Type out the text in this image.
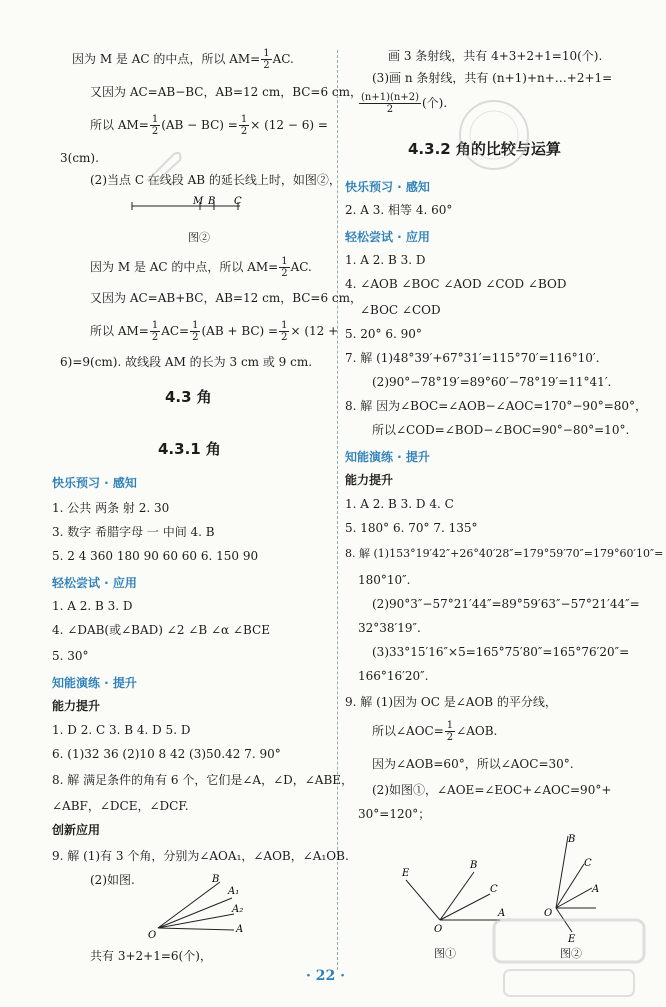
因为 M 是 AC 的中点，所以 $AM= \frac{1}{2}$ AC.
又因为 AC=AB−BC，AB=12 cm，BC=6 cm，
所以 $AM= \frac{1}{2} (AB - BC) = \frac{1}{2} \times (12 - 6)$ =
3(cm).
(2)当点 C 在线段 AB 的延长线上时，如图②，
M B C
图②
因为 M 是 AC 的中点，所以 $AM= \frac{1}{2}$ AC.
又因为 AC=AB+BC，AB=12 cm，BC=6 cm，
所以 $AM= \frac{1}{2} AC= \frac{1}{2} (AB + BC) = \frac{1}{2} \times (12$ +
6)=9(cm). 故线段 AM 的长为 3 cm 或 9 cm.
4.3 角
4.3.1 角
快乐预习 · 感知
1. 公共 两条 射 2. 30
3. 数字 希腊字母 一 中间 4. B
5. 2 4 360 180 90 60 60 6. 150 90
轻松尝试 · 应用
1. A 2. B 3. D
4. ∠DAB(或∠BAD) ∠2 ∠B ∠α ∠BCE
5. 30°
知能演练 · 提升
能力提升
1. D 2. C 3. B 4. D 5. D
6. (1)32 36 (2)10 8 42 (3)50.42 7. 90°
8. 解 满足条件的角有 6 个，它们是∠A，∠D，∠ABE，
∠ABF，∠DCE，∠DCF.
创新应用
9. 解 (1)有 3 个角，分别为∠AOA₁，∠AOB，∠A₁OB.
(2)如图.	B
A₁
A₂
A
O
共有 3+2+1=6(个)，
画 3 条射线，共有 4+3+2+1=10(个).
(3)画 n 条射线，共有 (n+1)+n+…+2+1=
$\frac{(n+1)(n+2)}{2}$ (个).
4.3.2 角的比较与运算
快乐预习 · 感知
2. A 3. 相等 4. 60°
轻松尝试 · 应用
1. A 2. B 3. D
4. ∠AOB ∠BOC ∠AOD ∠COD ∠BOD
∠BOC ∠COD
5. 20° 6. 90°
7. 解 (1)48°39′+67°31′=115°70′=116°10′.
(2)90°−78°19′=89°60′−78°19′=11°41′.
8. 解 因为∠BOC=∠AOB−∠AOC=170°−90°=80°，
所以∠COD=∠BOD−∠BOC=90°−80°=10°.
知能演练 · 提升
能力提升
1. A 2. B 3. D 4. C
5. 180° 6. 70° 7. 135°
8. 解 (1)153°19′42″+26°40′28″=179°59′70″=179°60′10″=
180°10″.
(2)90°3″−57°21′44″=89°59′63″−57°21′44″=
32°38′19″.
(3)33°15′16″×5=165°75′80″=165°76′20″=
166°16′20″.
9. 解 (1)因为 OC 是∠AOB 的平分线，
所以∠AOC= $\frac{1}{2}$ ∠AOB.
因为∠AOB=60°，所以∠AOC=30°.
(2)如图①，∠AOE=∠EOC+∠AOC=90°+
30°=120°；
E
B
C
A
O
图①
B
C
A
O
E
图②
· 22 ·
